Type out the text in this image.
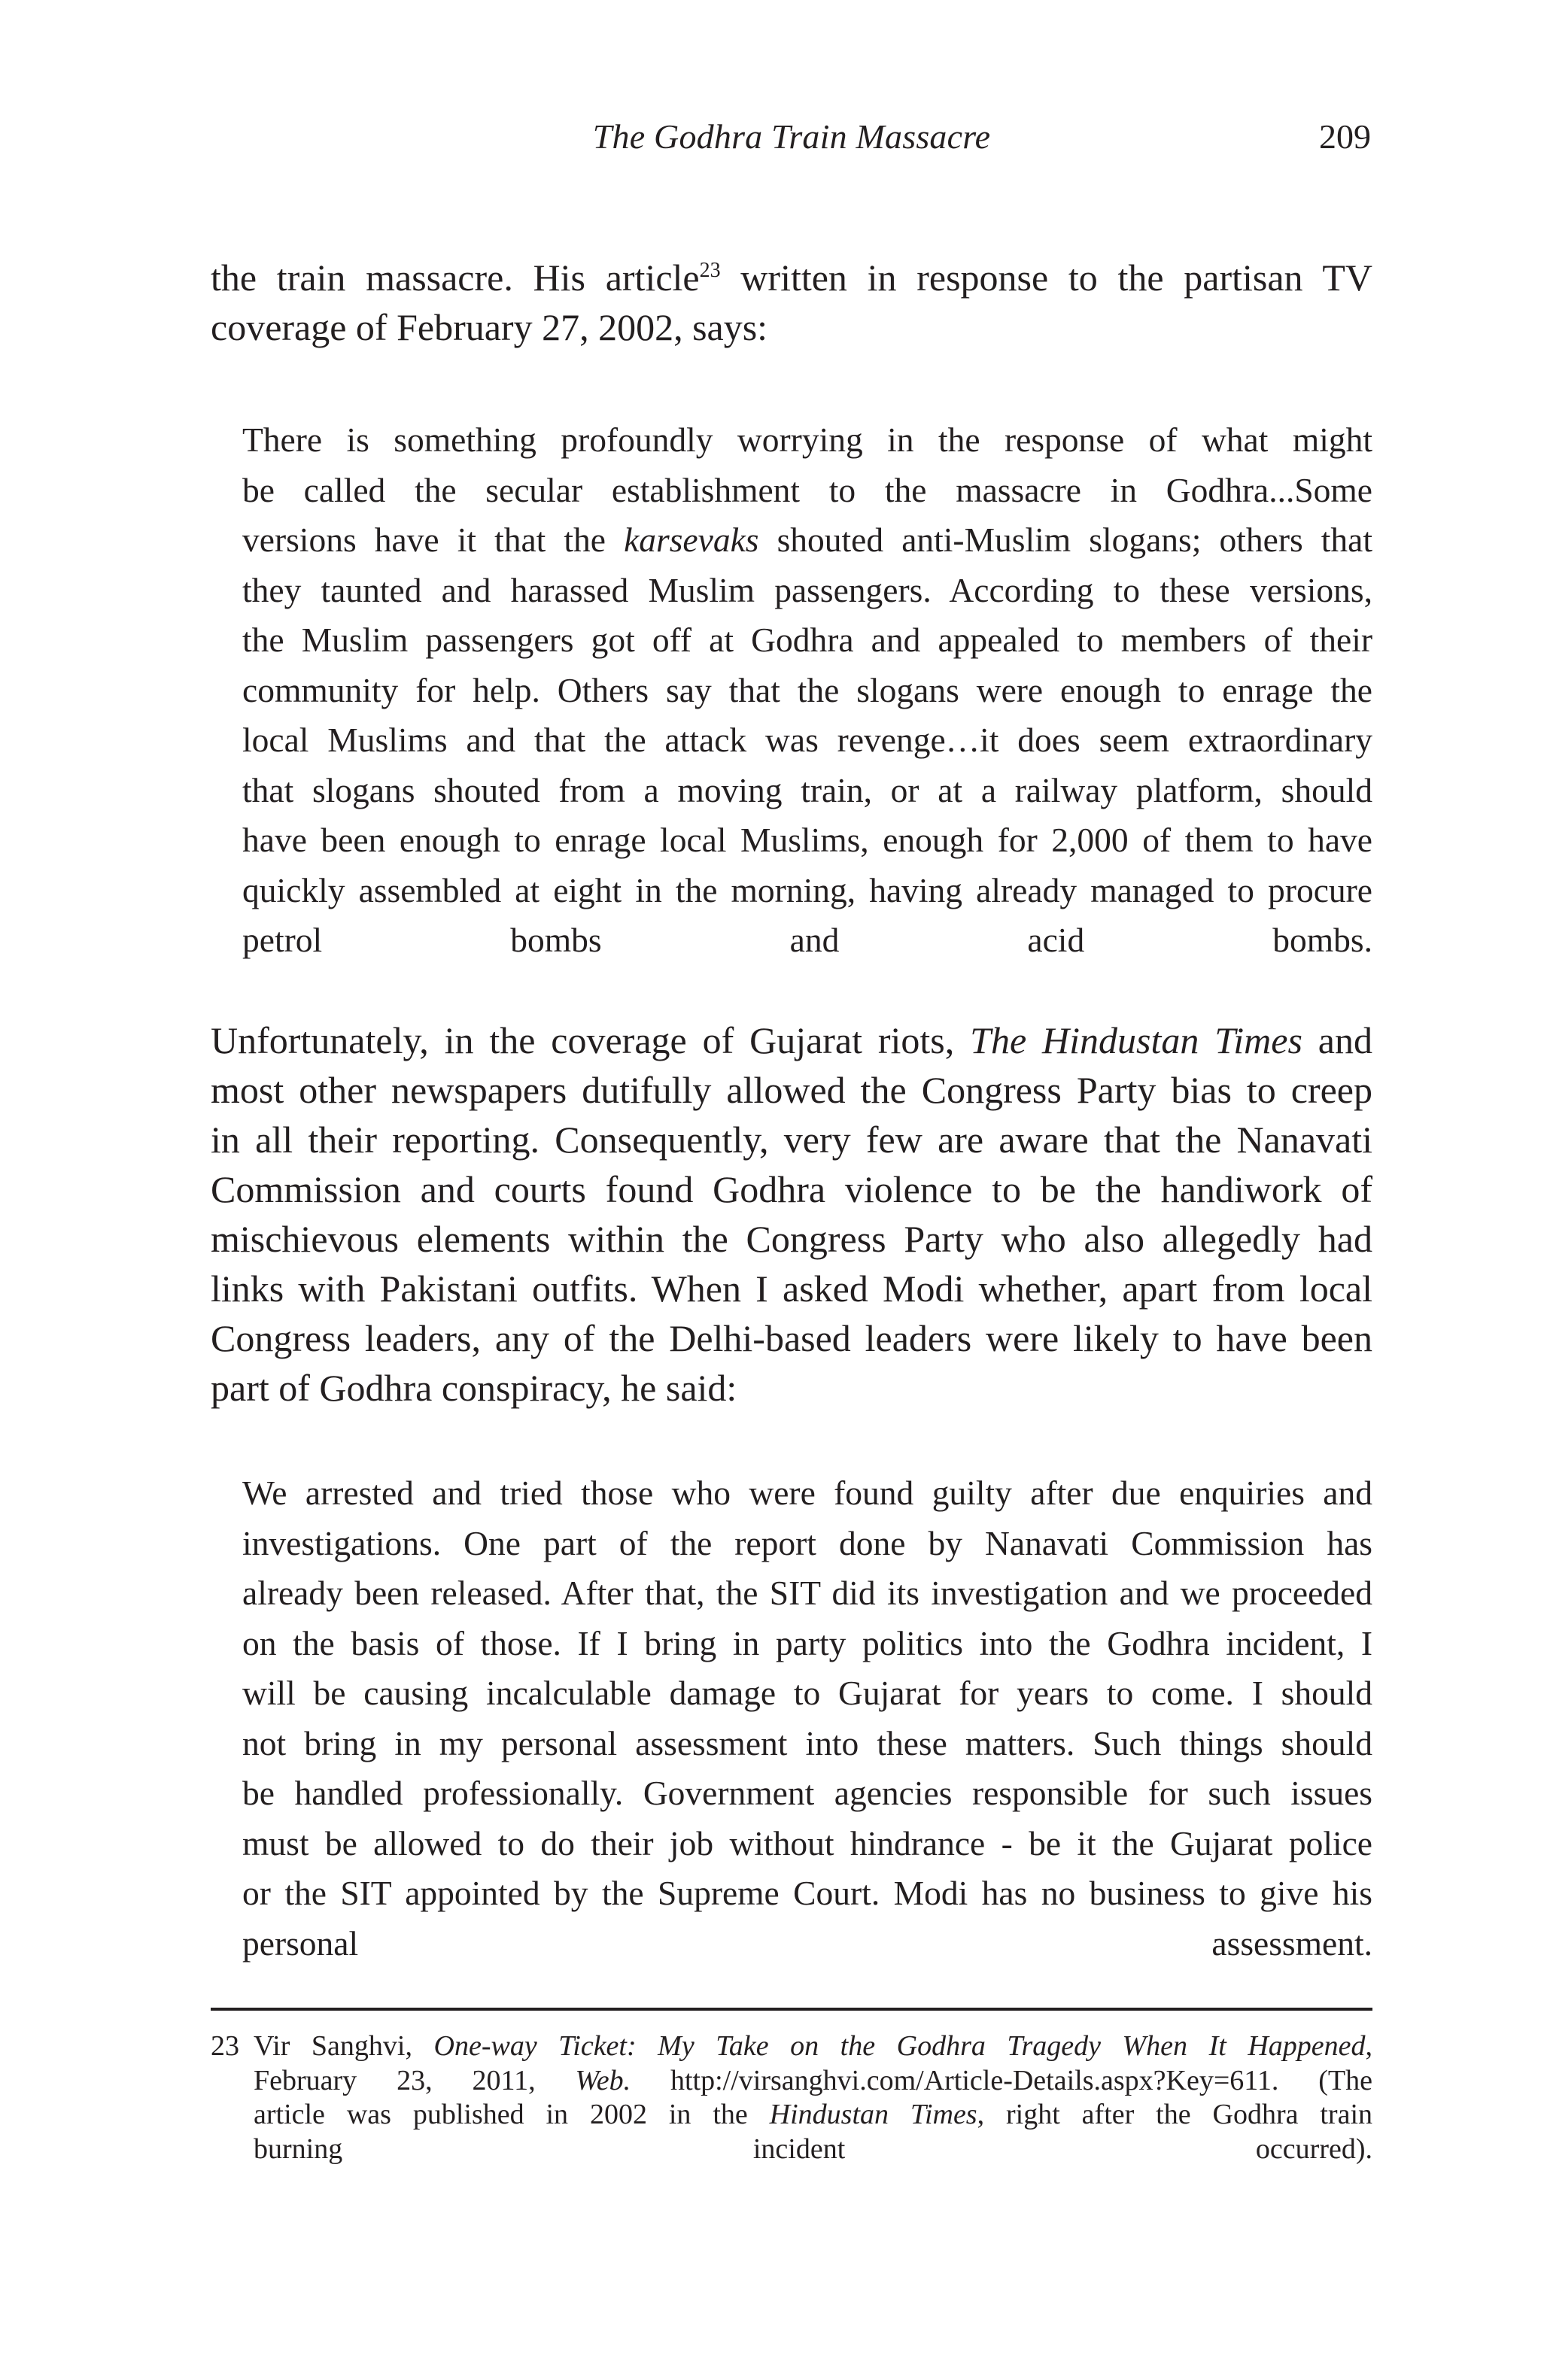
The Godhra Train Massacre	209

the train massacre. His article$^{23}$ written in response to the partisan TV
coverage of February 27, 2002, says:

There is something profoundly worrying in the response of what might
be called the secular establishment to the massacre in Godhra...Some
versions have it that the karsevaks shouted anti-Muslim slogans; others that
they taunted and harassed Muslim passengers. According to these versions,
the Muslim passengers got off at Godhra and appealed to members of their
community for help. Others say that the slogans were enough to enrage the
local Muslims and that the attack was revenge…it does seem extraordinary
that slogans shouted from a moving train, or at a railway platform, should
have been enough to enrage local Muslims, enough for 2,000 of them to have
quickly assembled at eight in the morning, having already managed to procure
petrol bombs and acid bombs.

Unfortunately, in the coverage of Gujarat riots, The Hindustan Times and
most other newspapers dutifully allowed the Congress Party bias to creep
in all their reporting. Consequently, very few are aware that the Nanavati
Commission and courts found Godhra violence to be the handiwork of
mischievous elements within the Congress Party who also allegedly had
links with Pakistani outfits. When I asked Modi whether, apart from local
Congress leaders, any of the Delhi-based leaders were likely to have been
part of Godhra conspiracy, he said:

We arrested and tried those who were found guilty after due enquiries and
investigations. One part of the report done by Nanavati Commission has
already been released. After that, the SIT did its investigation and we proceeded
on the basis of those. If I bring in party politics into the Godhra incident, I
will be causing incalculable damage to Gujarat for years to come. I should
not bring in my personal assessment into these matters. Such things should
be handled professionally. Government agencies responsible for such issues
must be allowed to do their job without hindrance - be it the Gujarat police
or the SIT appointed by the Supreme Court. Modi has no business to give his
personal assessment.
23 Vir Sanghvi, One-way Ticket: My Take on the Godhra Tragedy When It Happened,
February 23, 2011, Web. http://virsanghvi.com/Article-Details.aspx?Key=611. (The
article was published in 2002 in the Hindustan Times, right after the Godhra train
burning incident occurred).
